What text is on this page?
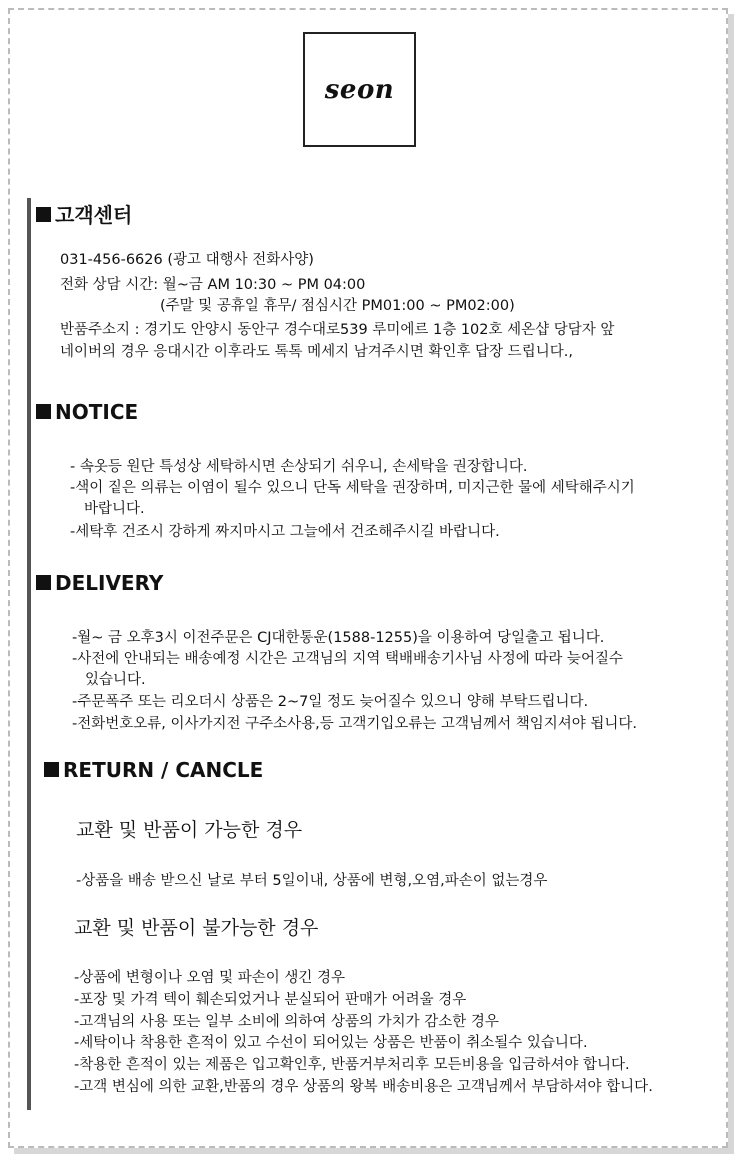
seon
고객센터
031-456-6626 (광고 대행사 전화사양)
전화 상담 시간: 월~금 AM 10:30 ~ PM 04:00
(주말 및 공휴일 휴무/ 점심시간 PM01:00 ~ PM02:00)
반품주소지 : 경기도 안양시 동안구 경수대로539 루미에르 1층 102호 세온샵 당담자 앞
네이버의 경우 응대시간 이후라도 톡톡 메세지 남겨주시면 확인후 답장 드립니다.,
NOTICE
- 속옷등 원단 특성상 세탁하시면 손상되기 쉬우니, 손세탁을 권장합니다.
-색이 짙은 의류는 이염이 될수 있으니 단독 세탁을 권장하며, 미지근한 물에 세탁해주시기
바랍니다.
-세탁후 건조시 강하게 짜지마시고 그늘에서 건조해주시길 바랍니다.
DELIVERY
-월~ 금 오후3시 이전주문은 CJ대한통운(1588-1255)을 이용하여 당일출고 됩니다.
-사전에 안내되는 배송예정 시간은 고객님의 지역 택배배송기사님 사정에 따라 늦어질수
있습니다.
-주문폭주 또는 리오더시 상품은 2~7일 정도 늦어질수 있으니 양해 부탁드립니다.
-전화번호오류, 이사가지전 구주소사용,등 고객기입오류는 고객님께서 책임지셔야 됩니다.
RETURN / CANCLE
교환 및 반품이 가능한 경우
-상품을 배송 받으신 날로 부터 5일이내, 상품에 변형,오염,파손이 없는경우
교환 및 반품이 불가능한 경우
-상품에 변형이나 오염 및 파손이 생긴 경우
-포장 및 가격 텍이 훼손되었거나 분실되어 판매가 어려울 경우
-고객님의 사용 또는 일부 소비에 의하여 상품의 가치가 감소한 경우
-세탁이나 착용한 흔적이 있고 수선이 되어있는 상품은 반품이 취소될수 있습니다.
-착용한 흔적이 있는 제품은 입고확인후, 반품거부처리후 모든비용을 입금하셔야 합니다.
-고객 변심에 의한 교환,반품의 경우 상품의 왕복 배송비용은 고객님께서 부담하셔야 합니다.
